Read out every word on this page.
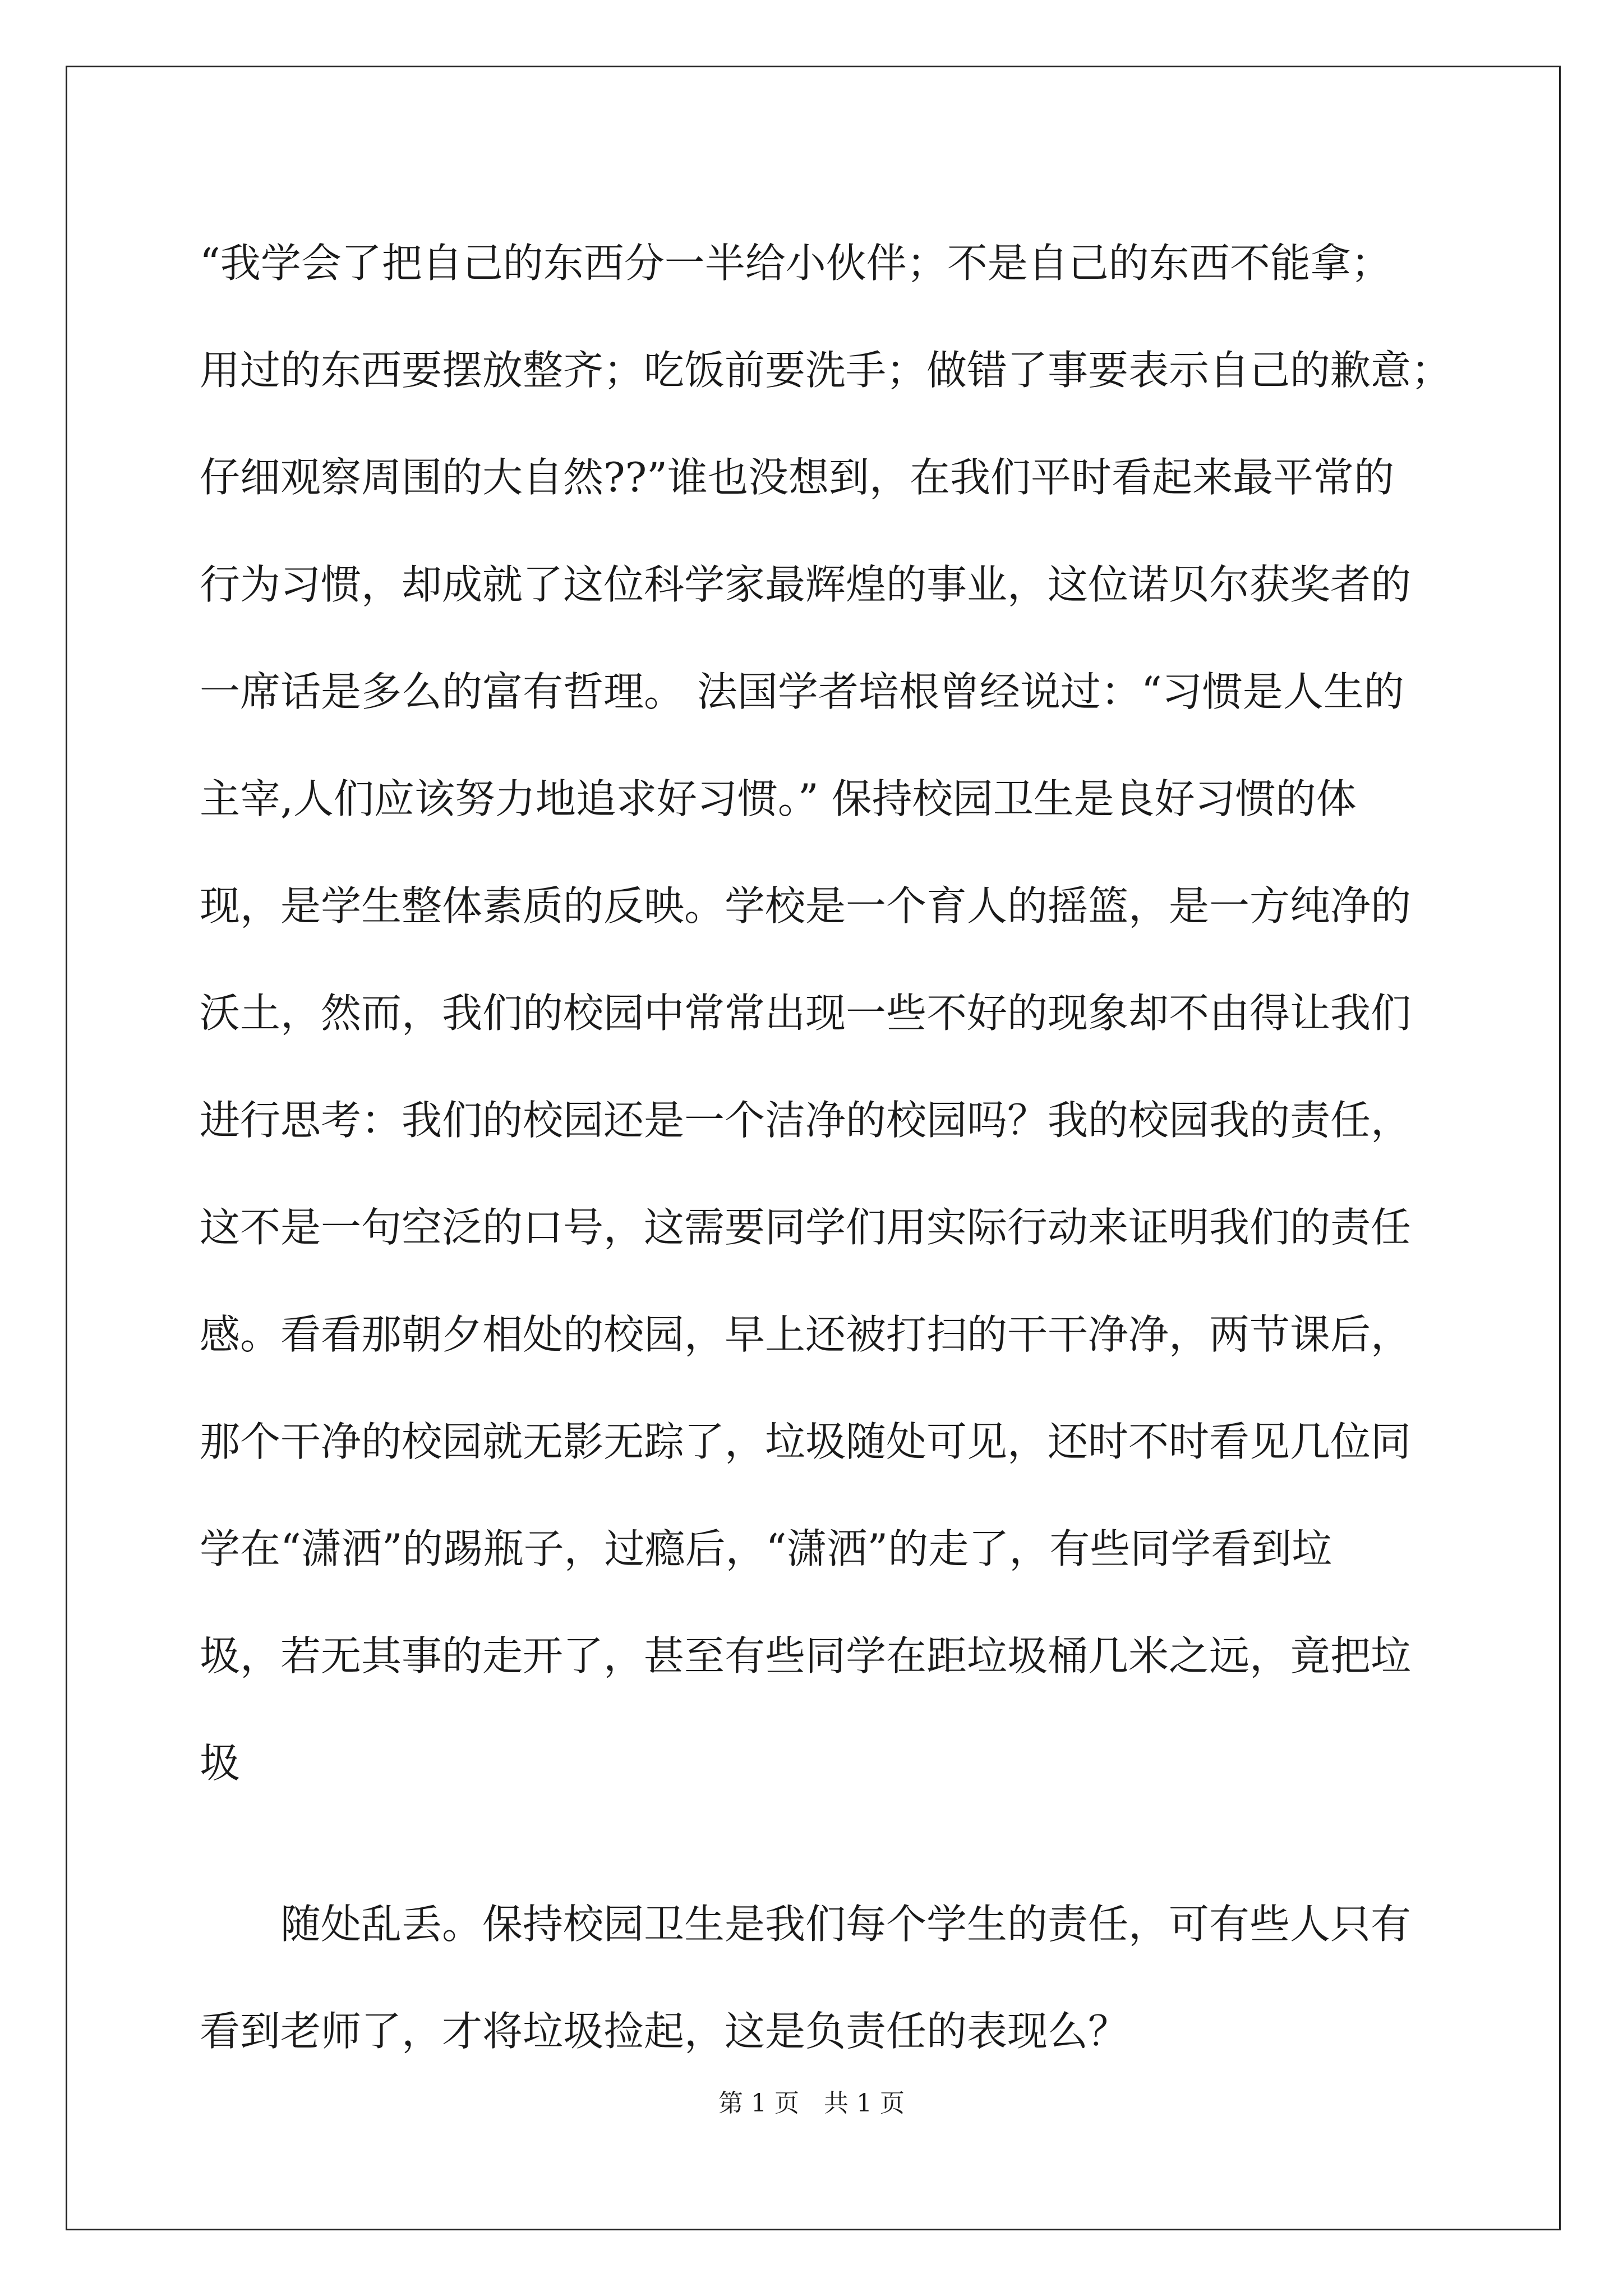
“我学会了把自己的东西分一半给小伙伴；不是自己的东西不能拿；
用过的东西要摆放整齐；吃饭前要洗手；做错了事要表示自己的歉意；
仔细观察周围的大自然??”谁也没想到，在我们平时看起来最平常的
行为习惯，却成就了这位科学家最辉煌的事业，这位诺贝尔获奖者的
一席话是多么的富有哲理。 法国学者培根曾经说过：“习惯是人生的
主宰,人们应该努力地追求好习惯。” 保持校园卫生是良好习惯的体
现，是学生整体素质的反映。学校是一个育人的摇篮，是一方纯净的
沃土，然而，我们的校园中常常出现一些不好的现象却不由得让我们
进行思考：我们的校园还是一个洁净的校园吗？我的校园我的责任，
这不是一句空泛的口号，这需要同学们用实际行动来证明我们的责任
感。看看那朝夕相处的校园，早上还被打扫的干干净净，两节课后，
那个干净的校园就无影无踪了，垃圾随处可见，还时不时看见几位同
学在“潇洒”的踢瓶子，过瘾后，“潇洒”的走了，有些同学看到垃
圾，若无其事的走开了，甚至有些同学在距垃圾桶几米之远，竟把垃
圾
随处乱丢。保持校园卫生是我们每个学生的责任，可有些人只有
看到老师了，才将垃圾捡起，这是负责任的表现么？
第 1 页　共 1 页
